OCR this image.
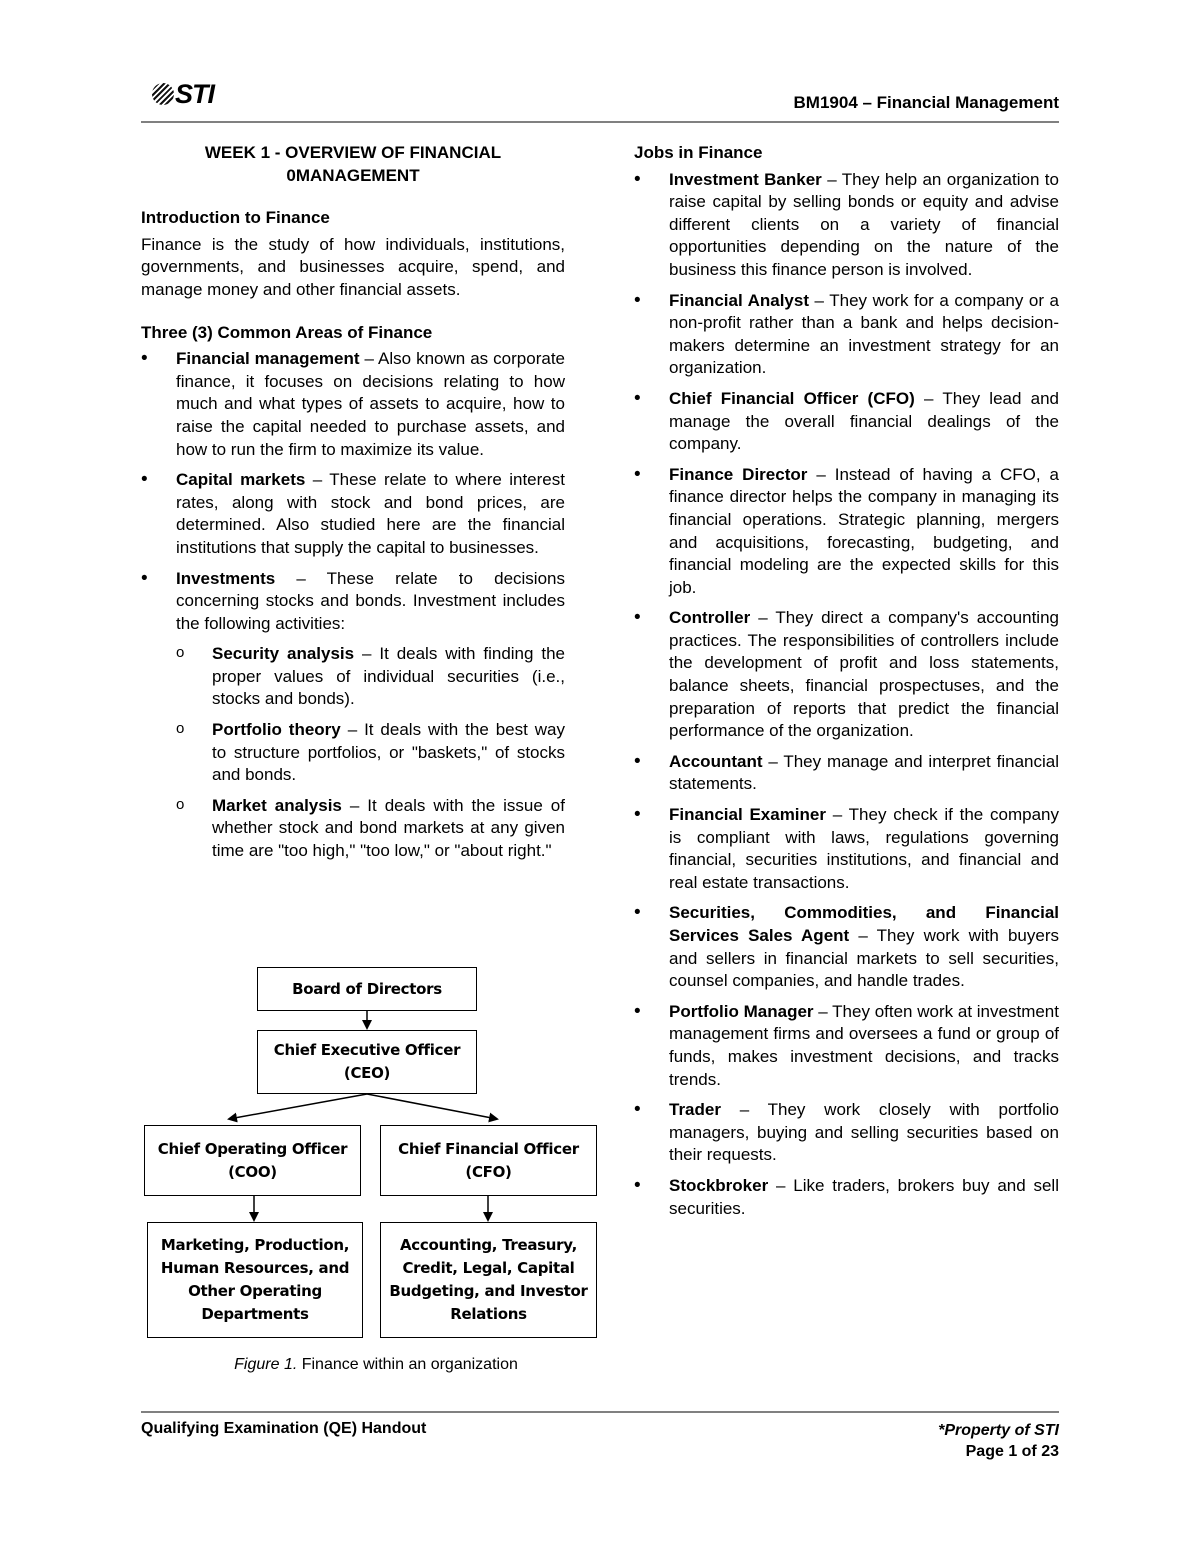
STI	BM1904 – Financial Management
WEEK 1 - OVERVIEW OF FINANCIAL
0MANAGEMENT
Introduction to Finance

Finance is the study of how individuals, institutions, governments, and businesses acquire, spend, and manage money and other financial assets.

Three (3) Common Areas of Finance
• Financial management – Also known as corporate finance, it focuses on decisions relating to how much and what types of assets to acquire, how to raise the capital needed to purchase assets, and how to run the firm to maximize its value.
• Capital markets – These relate to where interest rates, along with stock and bond prices, are determined. Also studied here are the financial institutions that supply the capital to businesses.
• Investments – These relate to decisions concerning stocks and bonds. Investment includes the following activities:
o Security analysis – It deals with finding the proper values of individual securities (i.e., stocks and bonds).
o Portfolio theory – It deals with the best way to structure portfolios, or "baskets," of stocks and bonds.
o Market analysis – It deals with the issue of whether stock and bond markets at any given time are "too high," "too low," or "about right."
Board of Directors
Chief Executive Officer (CEO)
Chief Operating Officer (COO)
Chief Financial Officer (CFO)
Marketing, Production, Human Resources, and Other Operating Departments
Accounting, Treasury, Credit, Legal, Capital Budgeting, and Investor Relations
Figure 1. Finance within an organization
Jobs in Finance
• Investment Banker – They help an organization to raise capital by selling bonds or equity and advise different clients on a variety of financial opportunities depending on the nature of the business this finance person is involved.
• Financial Analyst – They work for a company or a non-profit rather than a bank and helps decision-makers determine an investment strategy for an organization.
• Chief Financial Officer (CFO) – They lead and manage the overall financial dealings of the company.
• Finance Director – Instead of having a CFO, a finance director helps the company in managing its financial operations. Strategic planning, mergers and acquisitions, forecasting, budgeting, and financial modeling are the expected skills for this job.
• Controller – They direct a company's accounting practices. The responsibilities of controllers include the development of profit and loss statements, balance sheets, financial prospectuses, and the preparation of reports that predict the financial performance of the organization.
• Accountant – They manage and interpret financial statements.
• Financial Examiner – They check if the company is compliant with laws, regulations governing financial, securities institutions, and financial and real estate transactions.
• Securities, Commodities, and Financial Services Sales Agent – They work with buyers and sellers in financial markets to sell securities, counsel companies, and handle trades.
• Portfolio Manager – They often work at investment management firms and oversees a fund or group of funds, makes investment decisions, and tracks trends.
• Trader – They work closely with portfolio managers, buying and selling securities based on their requests.
• Stockbroker – Like traders, brokers buy and sell securities.
Qualifying Examination (QE) Handout	*Property of STI
Page 1 of 23
